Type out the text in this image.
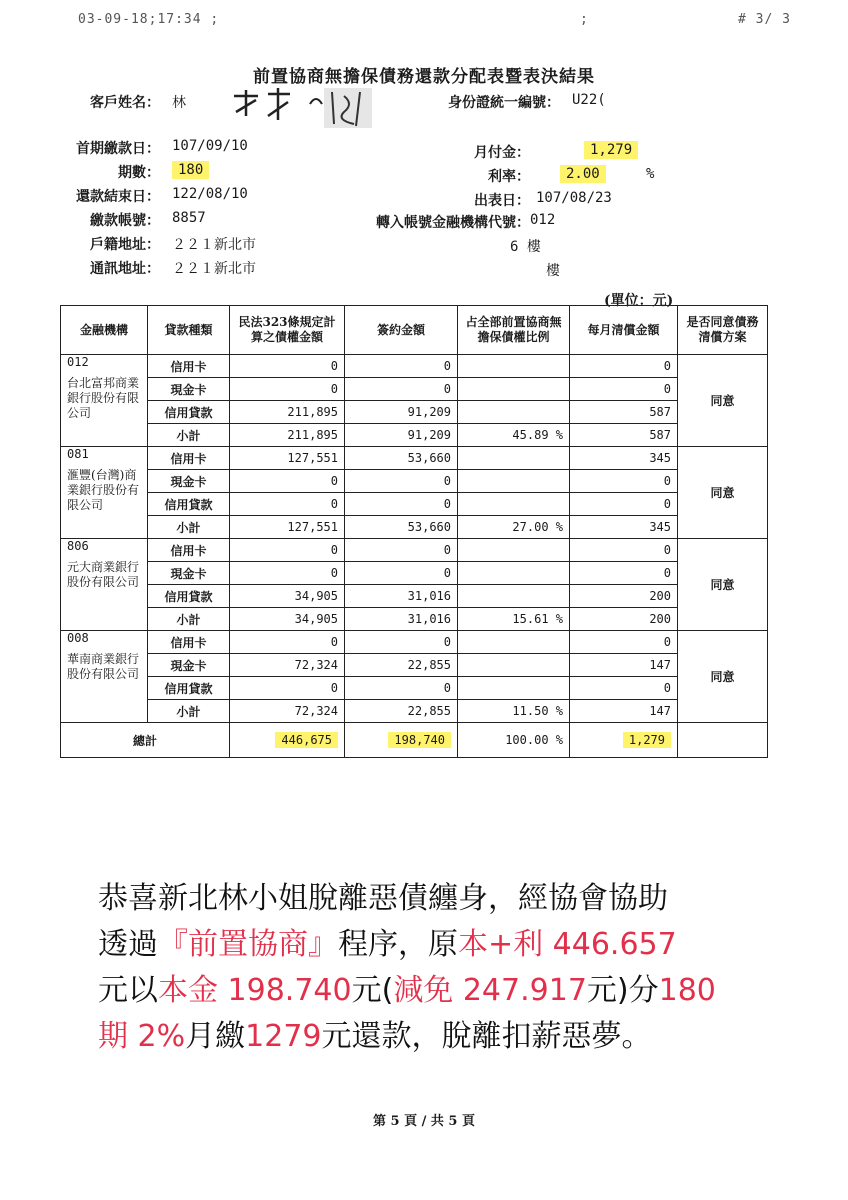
03-09-18;17:34 ;	;	# 3/ 3
前置協商無擔保債務還款分配表暨表決結果
客戶姓名： 林	身份證統一編號： U22(
首期繳款日： 107/09/10
期數：	180
還款結束日： 122/08/10
繳款帳號： 8857
戶籍地址： ２２１新北市
通訊地址： ２２１新北市
月付金：	1,279
利率：	2.00	%
出表日： 107/08/23
轉入帳號金融機構代號： 012
6 樓
樓
(單位：元)
金融機構	貸款種類	民法323條規定計算之債權金額	簽約金額	占全部前置協商無擔保債權比例	每月清償金額	是否同意債務清償方案

012
台北富邦商業銀行股份有限公司	信用卡	0	0		0	同意
	現金卡	0	0		0	
	信用貸款	211,895	91,209		587	
	小計	211,895	91,209	45.89 %	587	

081
滙豐(台灣)商業銀行股份有限公司	信用卡	127,551	53,660		345	同意
	現金卡	0	0		0	
	信用貸款	0	0		0	
	小計	127,551	53,660	27.00 %	345	

806
元大商業銀行股份有限公司	信用卡	0	0		0	同意
	現金卡	0	0		0	
	信用貸款	34,905	31,016		200	
	小計	34,905	31,016	15.61 %	200	

008
華南商業銀行股份有限公司	信用卡	0	0		0	同意
	現金卡	72,324	22,855		147	
	信用貸款	0	0		0	
	小計	72,324	22,855	11.50 %	147	
總計		446,675	198,740	100.00 %	1,279	
恭喜新北林小姐脫離惡債纏身，經協會協助
透過『前置協商』程序，原本+利 446.657
元以本金 198.740元(減免 247.917元)分180
期 2%月繳1279元還款，脫離扣薪惡夢。
第 5 頁 / 共 5 頁
